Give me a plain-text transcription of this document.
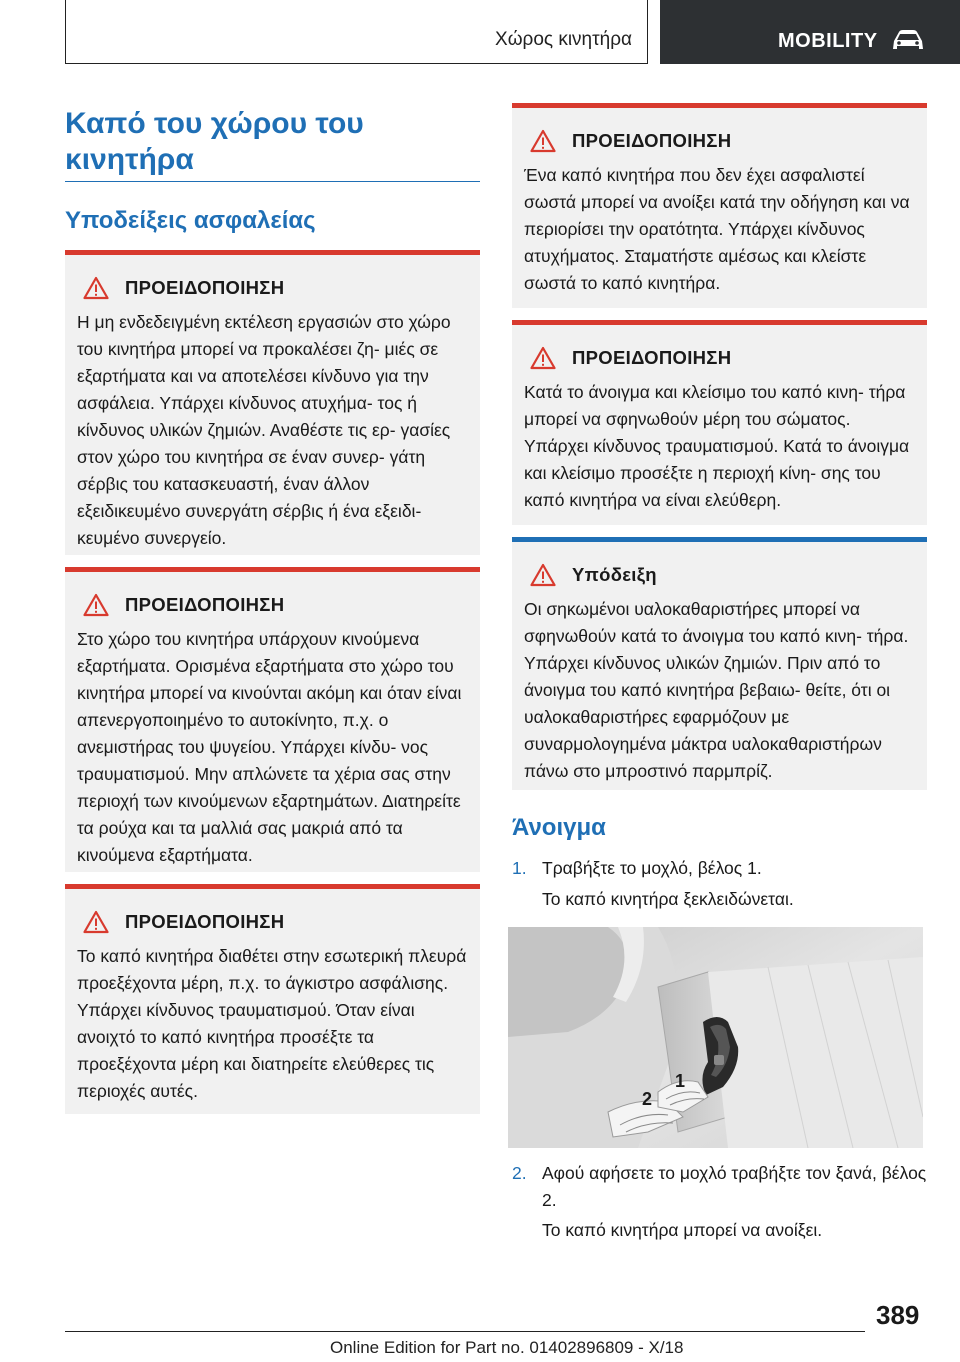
Χώρος κινητήρα	MOBILITY
Καπό του χώρου του κινητήρα
Υποδείξεις ασφαλείας
ΠΡΟΕΙΔΟΠΟΙΗΣΗ

Η μη ενδεδειγμένη εκτέλεση εργασιών στο χώρο του κινητήρα μπορεί να προκαλέσει ζη- μιές σε εξαρτήματα και να αποτελέσει κίνδυνο για την ασφάλεια. Υπάρχει κίνδυνος ατυχήμα- τος ή κίνδυνος υλικών ζημιών. Αναθέστε τις ερ- γασίες στον χώρο του κινητήρα σε έναν συνερ- γάτη σέρβις του κατασκευαστή, έναν άλλον εξειδικευμένο συνεργάτη σέρβις ή ένα εξειδι- κευμένο συνεργείο.

ΠΡΟΕΙΔΟΠΟΙΗΣΗ

Στο χώρο του κινητήρα υπάρχουν κινούμενα εξαρτήματα. Ορισμένα εξαρτήματα στο χώρο του κινητήρα μπορεί να κινούνται ακόμη και όταν είναι απενεργοποιημένο το αυτοκίνητο, π.χ. ο ανεμιστήρας του ψυγείου. Υπάρχει κίνδυ- νος τραυματισμού. Μην απλώνετε τα χέρια σας στην περιοχή των κινούμενων εξαρτημάτων. Διατηρείτε τα ρούχα και τα μαλλιά σας μακριά από τα κινούμενα εξαρτήματα.

ΠΡΟΕΙΔΟΠΟΙΗΣΗ

Το καπό κινητήρα διαθέτει στην εσωτερική πλευρά προεξέχοντα μέρη, π.χ. το άγκιστρο ασφάλισης. Υπάρχει κίνδυνος τραυματισμού. Όταν είναι ανοιχτό το καπό κινητήρα προσέξτε τα προεξέχοντα μέρη και διατηρείτε ελεύθερες τις περιοχές αυτές.

ΠΡΟΕΙΔΟΠΟΙΗΣΗ

Ένα καπό κινητήρα που δεν έχει ασφαλιστεί σωστά μπορεί να ανοίξει κατά την οδήγηση και να περιορίσει την ορατότητα. Υπάρχει κίνδυνος ατυχήματος. Σταματήστε αμέσως και κλείστε σωστά το καπό κινητήρα.

ΠΡΟΕΙΔΟΠΟΙΗΣΗ

Κατά το άνοιγμα και κλείσιμο του καπό κινη- τήρα μπορεί να σφηνωθούν μέρη του σώματος. Υπάρχει κίνδυνος τραυματισμού. Κατά το άνοιγμα και κλείσιμο προσέξτε η περιοχή κίνη- σης του καπό κινητήρα να είναι ελεύθερη.

Υπόδειξη

Οι σηκωμένοι υαλοκαθαριστήρες μπορεί να σφηνωθούν κατά το άνοιγμα του καπό κινη- τήρα. Υπάρχει κίνδυνος υλικών ζημιών. Πριν από το άνοιγμα του καπό κινητήρα βεβαιω- θείτε, ότι οι υαλοκαθαριστήρες εφαρμόζουν με συναρμολογημένα μάκτρα υαλοκαθαριστήρων πάνω στο μπροστινό παρμπρίζ.

Άνοιγμα
1. Τραβήξτε το μοχλό, βέλος 1.
Το καπό κινητήρα ξεκλειδώνεται.
1
2
2. Αφού αφήσετε το μοχλό τραβήξτε τον ξανά, βέλος 2.
Το καπό κινητήρα μπορεί να ανοίξει.
389
Online Edition for Part no. 01402896809 - X/18
